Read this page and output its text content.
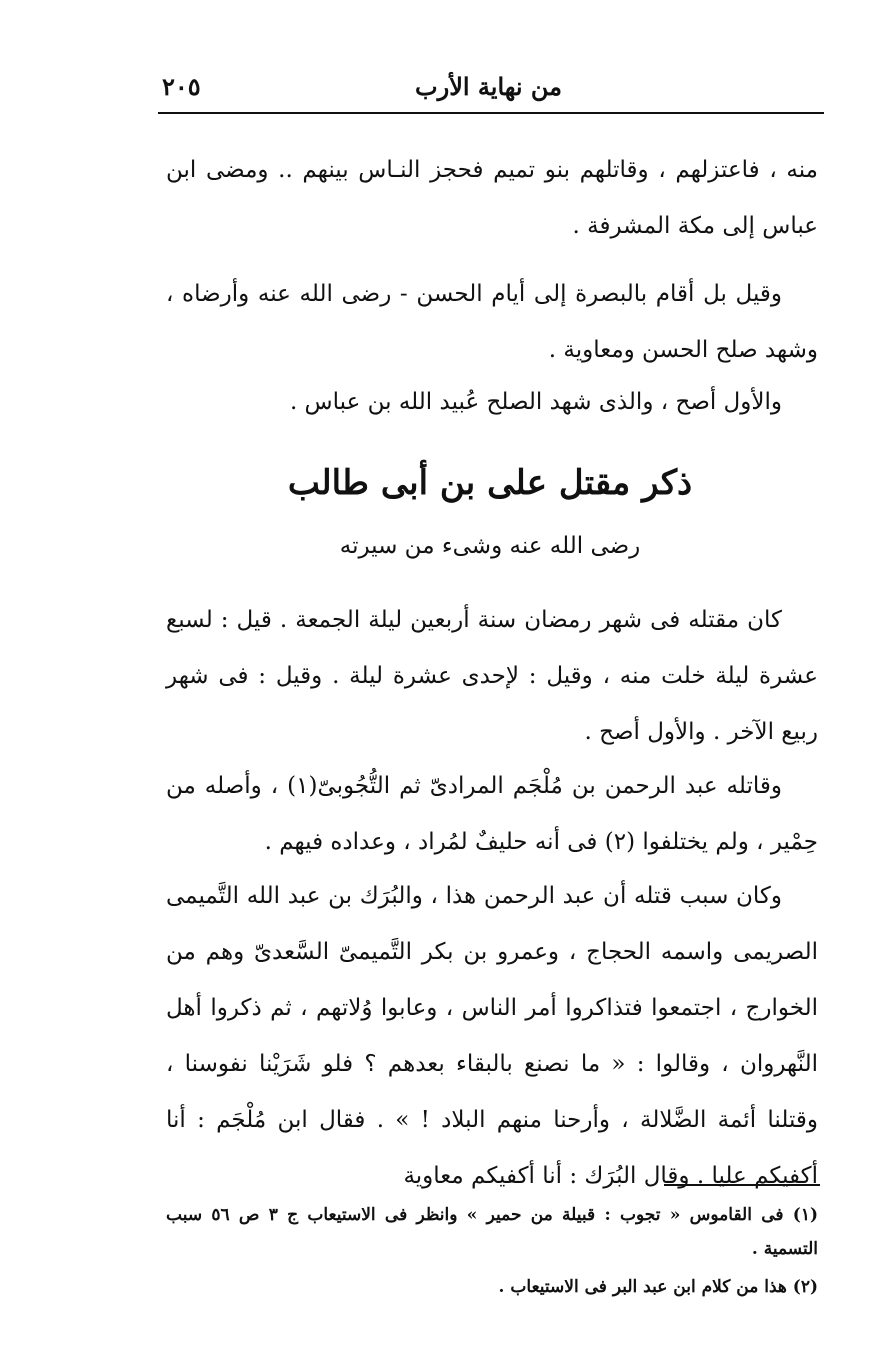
من نهاية الأرب
٢٠٥

منه ، فاعتزلهم ، وقاتلهم بنو تميم فحجز النـاس بينهم .. ومضى ابن عباس إلى مكة المشرفة .

وقيل بل أقام بالبصرة إلى أيام الحسن - رضى الله عنه وأرضاه ، وشهد صلح الحسن ومعاوية .

والأول أصح ، والذى شهد الصلح عُبيد الله بن عباس .

ذكر مقتل على بن أبى طالب
رضى الله عنه وشىء من سيرته

كان مقتله فى شهر رمضان سنة أربعين ليلة الجمعة . قيل : لسبع عشرة ليلة خلت منه ، وقيل : لإحدى عشرة ليلة . وقيل : فى شهر ربيع الآخر . والأول أصح .

وقاتله عبد الرحمن بن مُلْجَم المرادىّ ثم التُّجُوبىّ(١) ، وأصله من حِمْير ، ولم يختلفوا (٢) فى أنه حليفٌ لمُراد ، وعداده فيهم .

وكان سبب قتله أن عبد الرحمن هذا ، والبُرَك بن عبد الله التَّميمى الصريمى واسمه الحجاج ، وعمرو بن بكر التَّميمىّ السَّعدىّ وهم من الخوارج ، اجتمعوا فتذاكروا أمر الناس ، وعابوا وُلاتهم ، ثم ذكروا أهل النَّهروان ، وقالوا : « ما نصنع بالبقاء بعدهم ؟ فلو شَرَيْنا نفوسنا ، وقتلنا أئمة الضَّلالة ، وأرحنا منهم البلاد ! » . فقال ابن مُلْجَم : أنا أكفيكم عليا . وقال البُرَك : أنا أكفيكم معاوية

(١) فى القاموس « تجوب : قبيلة من حمير » وانظر فى الاستيعاب ج ٣ ص ٥٦ سبب التسمية .

(٢) هذا من كلام ابن عبد البر فى الاستيعاب .
